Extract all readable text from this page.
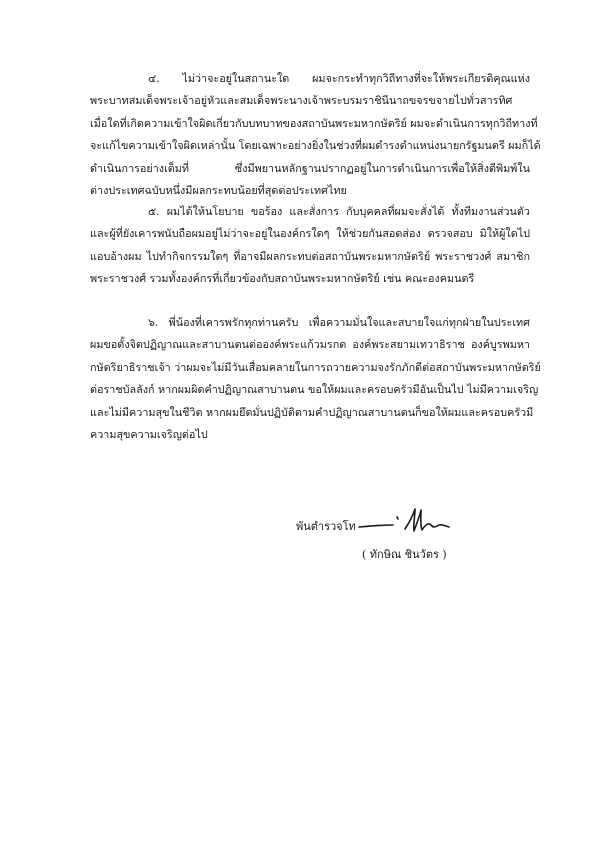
๔. ไม่ว่าจะอยู่ในสถานะใด ผมจะกระทำทุกวิถีทางที่จะให้พระเกียรติคุณแห่ง
พระบาทสมเด็จพระเจ้าอยู่หัวและสมเด็จพระนางเจ้าพระบรมราชินีนาถขจรขจายไปทั่วสารทิศ
เมื่อใดที่เกิดความเข้าใจผิดเกี่ยวกับบทบาทของสถาบันพระมหากษัตริย์ ผมจะดำเนินการทุกวิถีทางที่
จะแก้ไขความเข้าใจผิดเหล่านั้น โดยเฉพาะอย่างยิ่งในช่วงที่ผมดำรงตำแหน่งนายกรัฐมนตรี ผมก็ได้
ดำเนินการอย่างเต็มที่ ซึ่งมีพยานหลักฐานปรากฏอยู่ในการดำเนินการเพื่อให้สิ่งตีพิมพ์ใน
ต่างประเทศฉบับหนึ่งมีผลกระทบน้อยที่สุดต่อประเทศไทย
๕. ผมได้ให้นโยบาย ขอร้อง และสั่งการ กับบุคคลที่ผมจะสั่งได้ ทั้งทีมงานส่วนตัว
และผู้ที่ยังเคารพนับถือผมอยู่ไม่ว่าจะอยู่ในองค์กรใดๆ ให้ช่วยกันสอดส่อง ตรวจสอบ มิให้ผู้ใดไป
แอบอ้างผม ไปทำกิจกรรมใดๆ ที่อาจมีผลกระทบต่อสถาบันพระมหากษัตริย์ พระราชวงศ์ สมาชิก
พระราชวงศ์ รวมทั้งองค์กรที่เกี่ยวข้องกับสถาบันพระมหากษัตริย์ เช่น คณะองคมนตรี
๖. พี่น้องที่เคารพรักทุกท่านครับ เพื่อความมั่นใจและสบายใจแก่ทุกฝ่ายในประเทศ
ผมขอตั้งจิตปฏิญาณและสาบานตนต่อองค์พระแก้วมรกต องค์พระสยามเทวาธิราช องค์บูรพมหา
กษัตริยาธิราชเจ้า ว่าผมจะไม่มีวันเสื่อมคลายในการถวายความจงรักภักดีต่อสถาบันพระมหากษัตริย์
ต่อราชบัลลังก์ หากผมผิดคำปฏิญาณสาบานตน ขอให้ผมและครอบครัวมีอันเป็นไป ไม่มีความเจริญ
และไม่มีความสุขในชีวิต หากผมยึดมั่นปฏิบัติตามคำปฏิญาณสาบานตนก็ขอให้ผมและครอบครัวมี
ความสุขความเจริญต่อไป
พันตำรวจโท
( ทักษิณ ชินวัตร )
